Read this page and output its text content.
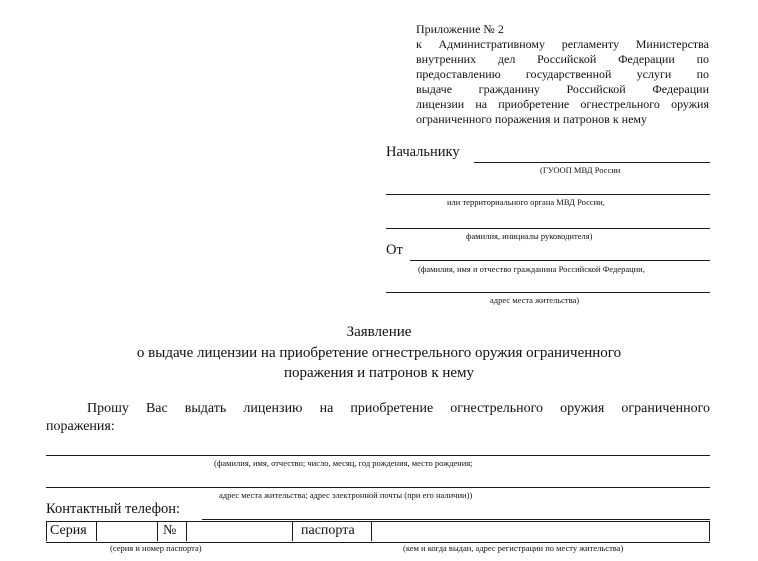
Приложение № 2
к Административному регламенту Министерства
внутренних дел Российской Федерации по
предоставлению государственной услуги по
выдаче гражданину Российской Федерации
лицензии на приобретение огнестрельного оружия
ограниченного поражения и патронов к нему
Начальнику
(ГУООП МВД России
или территориального органа МВД России,
фамилия, инициалы руководителя)
От
(фамилия, имя и отчество гражданина Российской Федерации,
адрес места жительства)
Заявление
о выдаче лицензии на приобретение огнестрельного оружия ограниченного
поражения и патронов к нему
Прошу Вас выдать лицензию на приобретение огнестрельного оружия ограниченного
поражения:
(фамилия, имя, отчество; число, месяц, год рождения, место рождения;
адрес места жительства; адрес электронной почты (при его наличии))
Контактный телефон:
Серия	№	паспорта
(серия и номер паспорта)	(кем и когда выдан, адрес регистрации по месту жительства)
